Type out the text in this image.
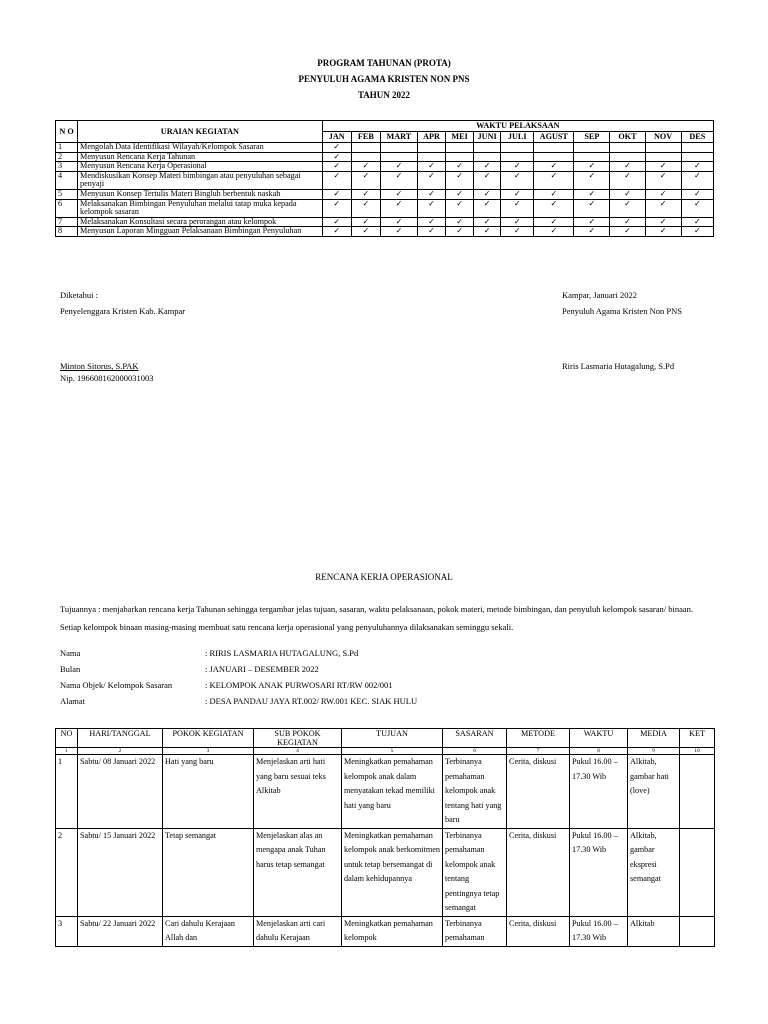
PROGRAM TAHUNAN (PROTA)
PENYULUH AGAMA KRISTEN NON PNS
TAHUN 2022
N O	URAIAN KEGIATAN	WAKTU PELAKSAAN											
		JAN	FEB	MART	APR	MEI	JUNI	JULI	AGUST	SEP	OKT	NOV	DES
1	Mengolah Data Identifikasi Wilayah/Kelompok Sasaran	✓											
2	Menyusun Rencana Kerja Tahunan	✓											
3	Menyusun Rencana Kerja Operasional	✓	✓	✓	✓	✓	✓	✓	✓	✓	✓	✓	✓
4	Mendiskusikan Konsep Materi bimbingan atau penyuluhan sebagai penyaji	✓	✓	✓	✓	✓	✓	✓	✓	✓	✓	✓	✓
5	Menyusun Konsep Tertulis Materi Bingluh berbentuk naskah	✓	✓	✓	✓	✓	✓	✓	✓	✓	✓	✓	✓
6	Melaksanakan Bimbingan Penyuluhan melalui tatap muka kepada kelompok sasaran	✓	✓	✓	✓	✓	✓	✓	✓	✓	✓	✓	✓
7	Melaksanakan Konsultasi secara perorangan atau kelompok	✓	✓	✓	✓	✓	✓	✓	✓	✓	✓	✓	✓
8	Menyusun Laporan Mingguan Pelaksanaan Bimbingan Penyuluhan	✓	✓	✓	✓	✓	✓	✓	✓	✓	✓	✓	✓
Diketahui :
Penyelenggara Kristen Kab. Kampar
Minton Sitorus, S.PAK
Nip. 196608162000031003
Kampar, Januari 2022
Penyuluh Agama Kristen Non PNS
Riris Lasmaria Hutagalung, S.Pd
RENCANA KERJA OPERASIONAL
Tujuannya : menjabarkan rencana kerja Tahunan sehingga tergambar jelas tujuan, sasaran, waktu pelaksanaan, pokok materi, metode bimbingan, dan penyuluh kelompok sasaran/ binaan. Setiap kelompok binaan masing-masing membuat satu rencana kerja operasional yang penyuluhannya dilaksanakan seminggu sekali.
Nama	: RIRIS LASMARIA HUTAGALUNG, S.Pd
Bulan	: JANUARI – DESEMBER 2022
Nama Objek/ Kelompok Sasaran	: KELOMPOK ANAK PURWOSARI RT/RW 002/001
Alamat	: DESA PANDAU JAYA RT.002/ RW.001 KEC. SIAK HULU
NO	HARI/TANGGAL	POKOK KEGIATAN	SUB POKOK KEGIATAN	TUJUAN	SASARAN	METODE	WAKTU	MEDIA	KET
1	2	3	4	5	6	7	8	9	10
1	Sabtu/ 08 Januari 2022	Hati yang baru	Menjelaskan arti hati yang baru sesuai teks Alkitab	Meningkatkan pemahaman kelompok anak dalam menyatakan tekad memiliki hati yang baru	Terbinanya pemahaman kelompok anak tentang hati yang baru	Cerita, diskusi	Pukul 16.00 – 17.30 Wib	Alkitab, gambar hati (love)	
2	Sabtu/ 15 Januari 2022	Tetap semangat	Menjelaskan alas an mengapa anak Tuhan harus tetap semangat	Meningkatkan pemahaman kelompok anak berkomitmen untuk tetap bersemangat di dalam kehidupannya	Terbinanya pemahaman kelompok anak tentang pentingnya tetap semangat	Cerita, diskusi	Pukul 16.00 – 17.30 Wib	Alkitab, gambar ekspresi semangat	
3	Sabtu/ 22 Januari 2022	Cari dahulu Kerajaan Allah dan	Menjelaskan arti cari dahulu Kerajaan	Meningkatkan pemahaman kelompok	Terbinanya pemahaman	Cerita, diskusi	Pukul 16.00 – 17.30 Wib	Alkitab	
